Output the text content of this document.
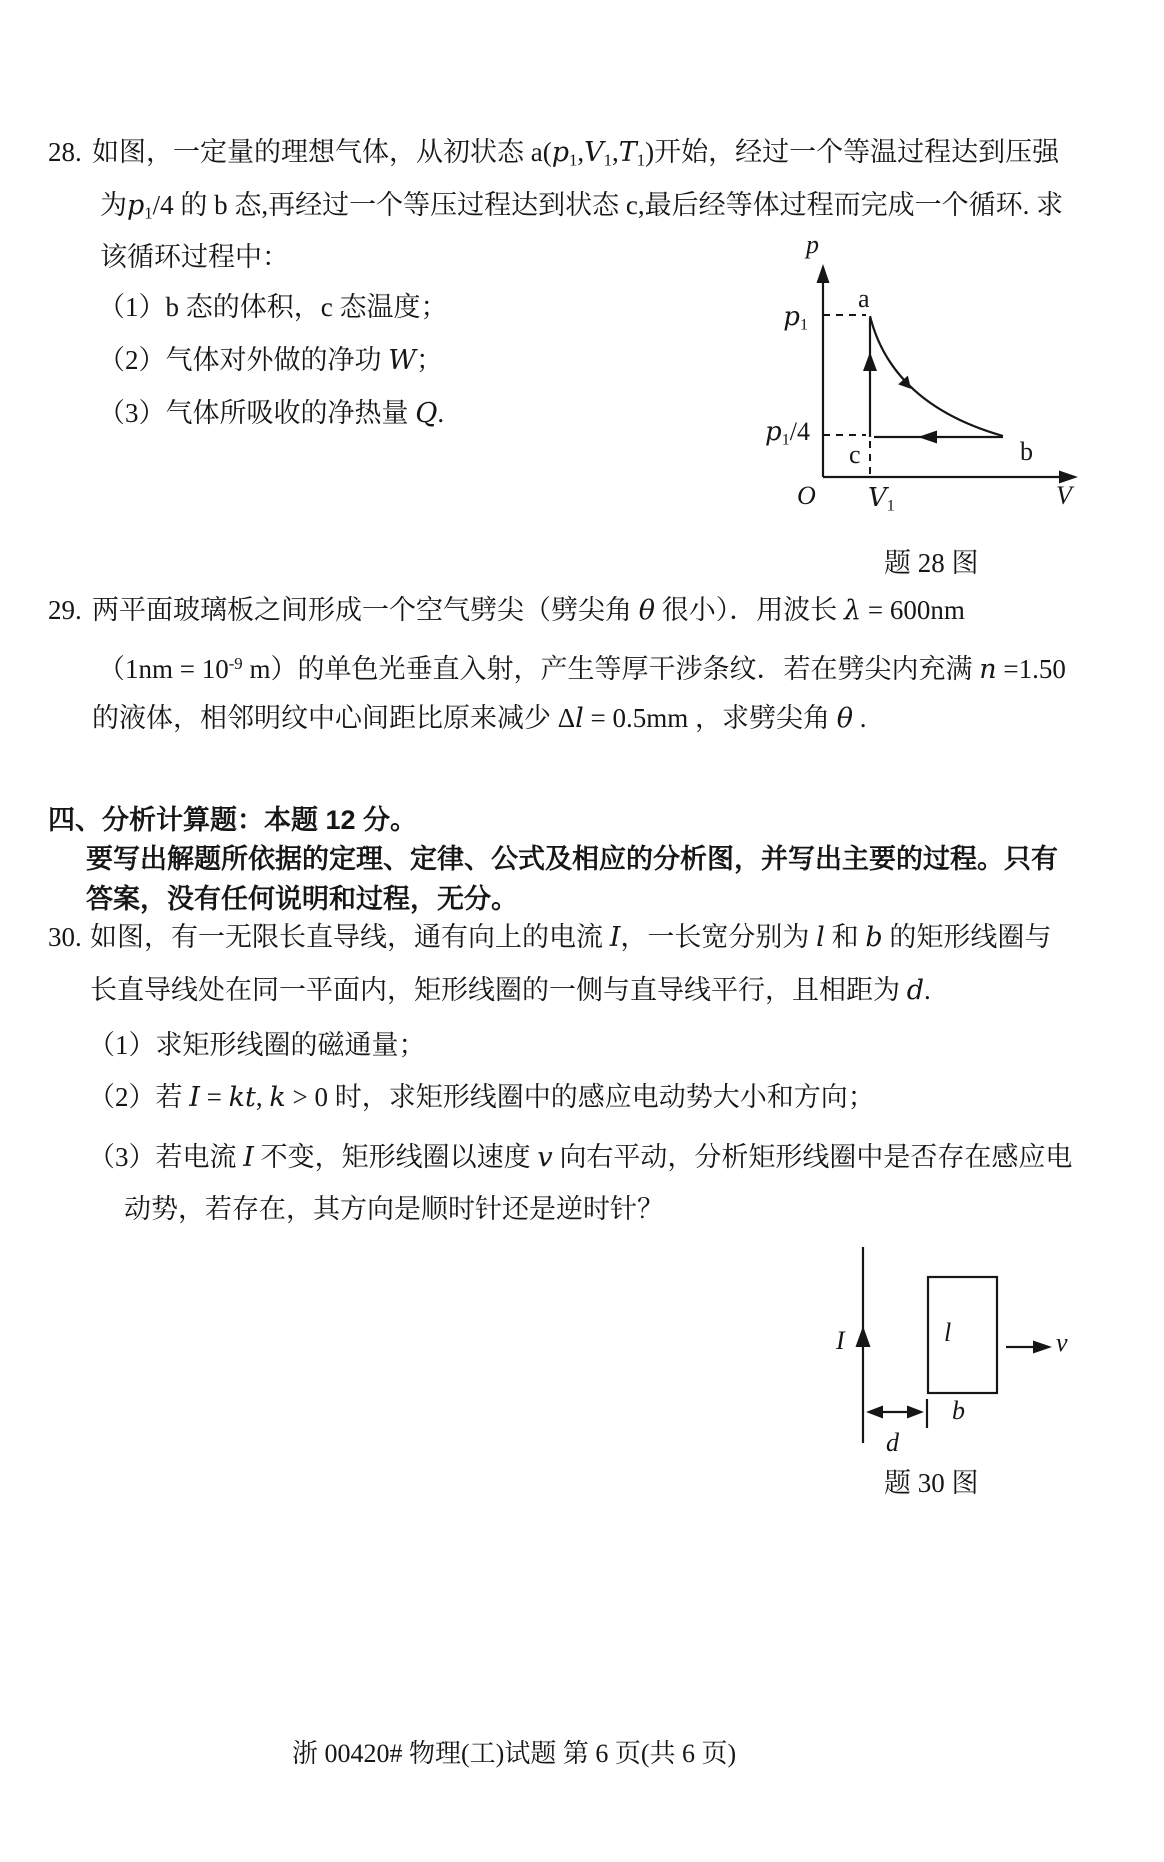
28. 如图，一定量的理想气体，从初状态 a(p1,V1,T1)开始，经过一个等温过程达到压强
为p1/4 的 b 态,再经过一个等压过程达到状态 c,最后经等体过程而完成一个循环. 求
该循环过程中：
（1）b 态的体积，c 态温度；
（2）气体对外做的净功 W；
（3）气体所吸收的净热量 Q.
p
p1
p1/4
a
b
c
O V1	V
题 28 图
29. 两平面玻璃板之间形成一个空气劈尖（劈尖角 θ 很小）．用波长 λ = 600nm
（$1nm = 10^{-9}$ m）的单色光垂直入射，产生等厚干涉条纹．若在劈尖内充满 n =1.50
的液体，相邻明纹中心间距比原来减少 Δl = 0.5mm ，求劈尖角 θ .
四、分析计算题：本题 12 分。
要写出解题所依据的定理、定律、公式及相应的分析图，并写出主要的过程。只有
答案，没有任何说明和过程，无分。
30. 如图，有一无限长直导线，通有向上的电流 I，一长宽分别为 l 和 b 的矩形线圈与
长直导线处在同一平面内，矩形线圈的一侧与直导线平行，且相距为 d.
（1）求矩形线圈的磁通量；
（2）若 I = kt, k > 0 时，求矩形线圈中的感应电动势大小和方向；
（3）若电流 I 不变，矩形线圈以速度 v 向右平动，分析矩形线圈中是否存在感应电
动势，若存在，其方向是顺时针还是逆时针？
I	l
b
d
v
题 30 图
浙 00420# 物理(工)试题 第 6 页(共 6 页)
